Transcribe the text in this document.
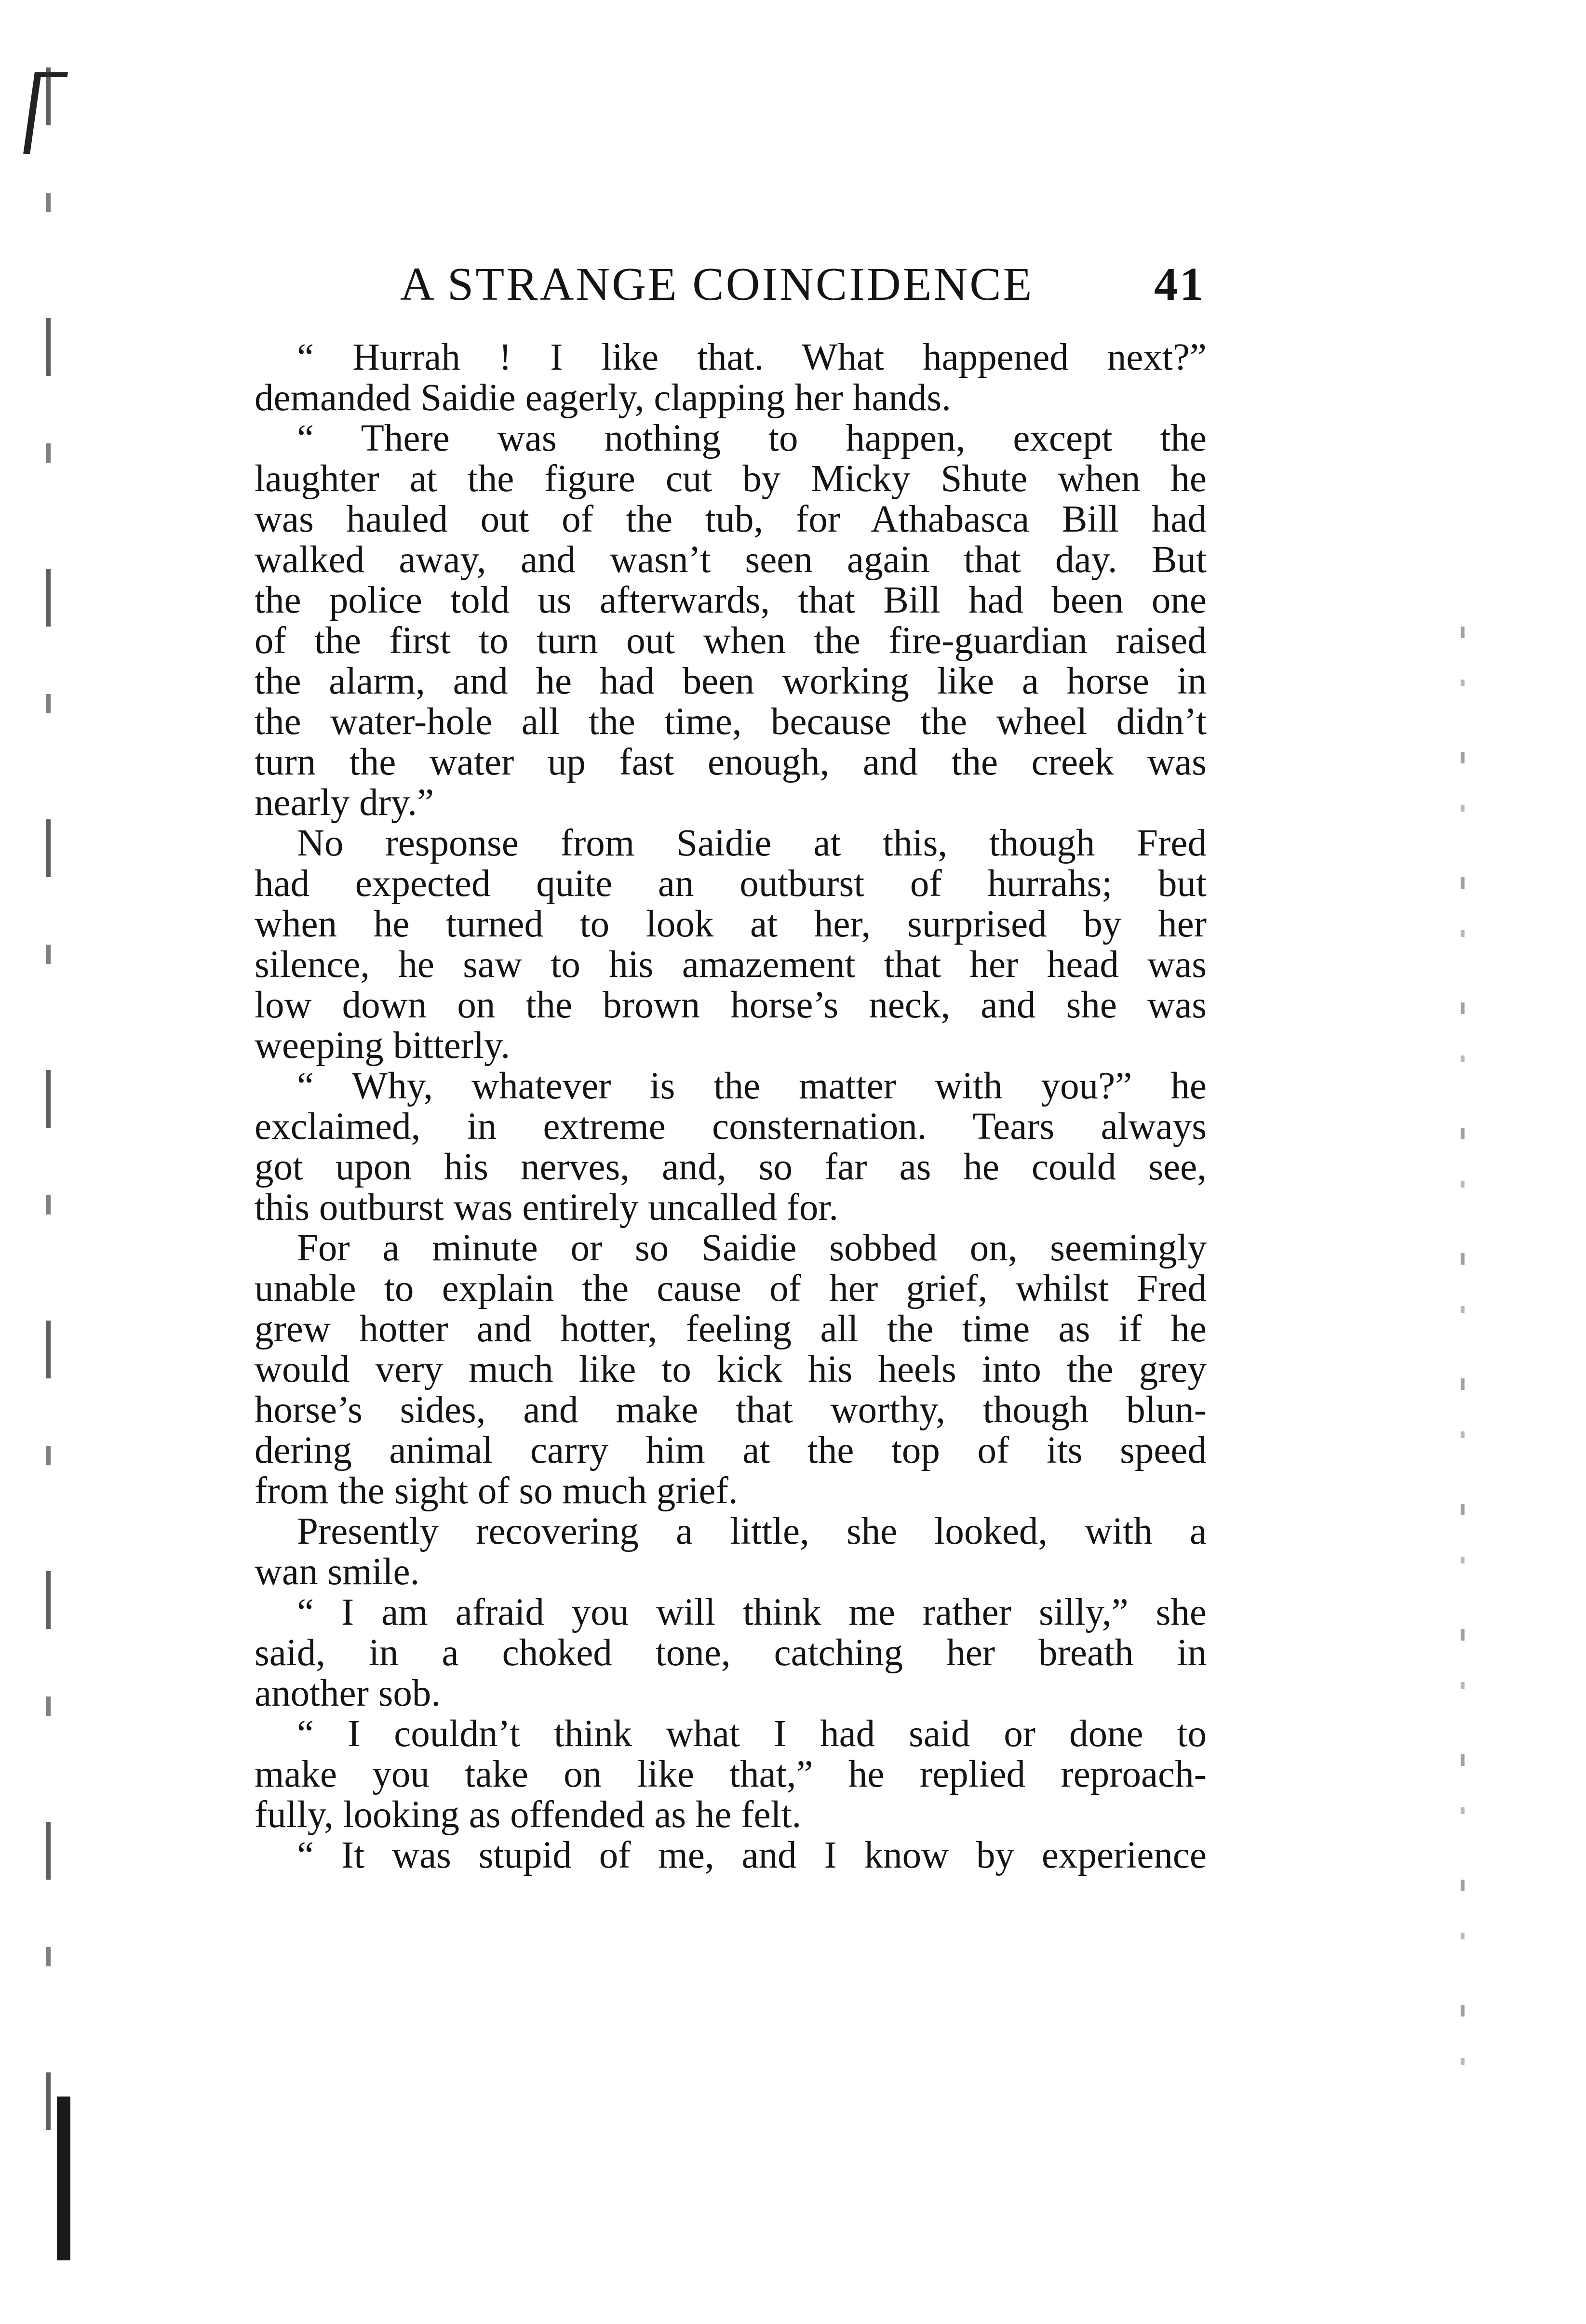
A STRANGE COINCIDENCE	41
“ Hurrah ! I like that. What happened next?”
demanded Saidie eagerly, clapping her hands.
“ There was nothing to happen, except the
laughter at the figure cut by Micky Shute when he
was hauled out of the tub, for Athabasca Bill had
walked away, and wasn’t seen again that day. But
the police told us afterwards, that Bill had been one
of the first to turn out when the fire-guardian raised
the alarm, and he had been working like a horse in
the water-hole all the time, because the wheel didn’t
turn the water up fast enough, and the creek was
nearly dry.”
No response from Saidie at this, though Fred
had expected quite an outburst of hurrahs; but
when he turned to look at her, surprised by her
silence, he saw to his amazement that her head was
low down on the brown horse’s neck, and she was
weeping bitterly.
“ Why, whatever is the matter with you?” he
exclaimed, in extreme consternation. Tears always
got upon his nerves, and, so far as he could see,
this outburst was entirely uncalled for.
For a minute or so Saidie sobbed on, seemingly
unable to explain the cause of her grief, whilst Fred
grew hotter and hotter, feeling all the time as if he
would very much like to kick his heels into the grey
horse’s sides, and make that worthy, though blun-
dering animal carry him at the top of its speed
from the sight of so much grief.
Presently recovering a little, she looked, with a
wan smile.
“ I am afraid you will think me rather silly,” she
said, in a choked tone, catching her breath in
another sob.
“ I couldn’t think what I had said or done to
make you take on like that,” he replied reproach-
fully, looking as offended as he felt.
“ It was stupid of me, and I know by experience
